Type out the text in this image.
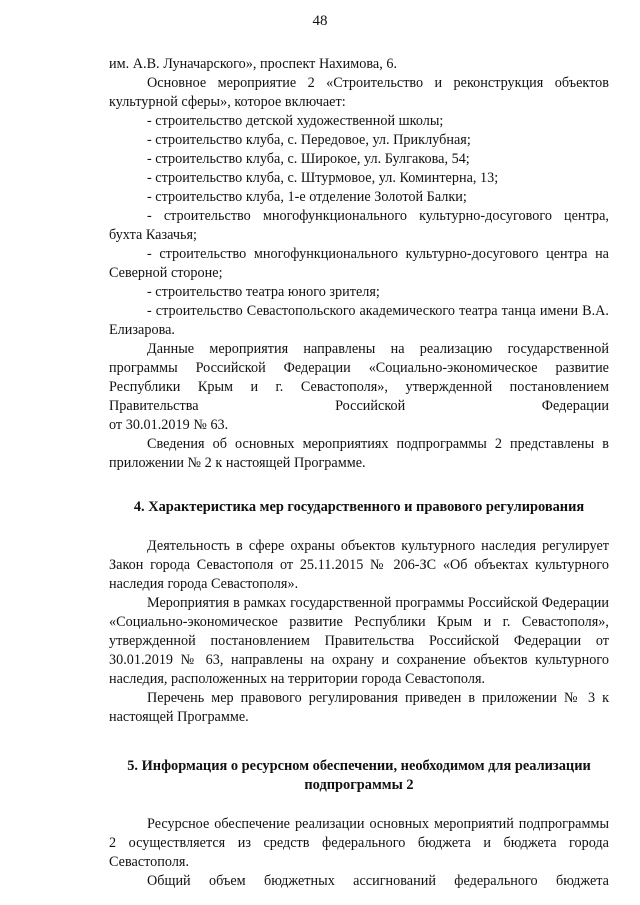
48

им. А.В. Луначарского», проспект Нахимова, 6.

Основное мероприятие 2 «Строительство и реконструкция объектов культурной сферы», которое включает:

- строительство детской художественной школы;

- строительство клуба, с. Передовое, ул. Приклубная;

- строительство клуба, с. Широкое, ул. Булгакова, 54;

- строительство клуба, с. Штурмовое, ул. Коминтерна, 13;

- строительство клуба, 1-е отделение Золотой Балки;

- строительство многофункционального культурно-досугового центра, бухта Казачья;

- строительство многофункционального культурно-досугового центра на Северной стороне;

- строительство театра юного зрителя;

- строительство Севастопольского академического театра танца имени В.А. Елизарова.

Данные мероприятия направлены на реализацию государственной программы Российской Федерации «Социально-экономическое развитие Республики Крым и г. Севастополя», утвержденной постановлением Правительства Российской Федерации

от 30.01.2019 № 63.

Сведения об основных мероприятиях подпрограммы 2 представлены в приложении № 2 к настоящей Программе.

4. Характеристика мер государственного и правового регулирования

Деятельность в сфере охраны объектов культурного наследия регулирует Закон города Севастополя от 25.11.2015 № 206-ЗС «Об объектах культурного наследия города Севастополя».

Мероприятия в рамках государственной программы Российской Федерации «Социально-экономическое развитие Республики Крым и г. Севастополя», утвержденной постановлением Правительства Российской Федерации от 30.01.2019 № 63, направлены на охрану и сохранение объектов культурного наследия, расположенных на территории города Севастополя.

Перечень мер правового регулирования приведен в приложении № 3 к настоящей Программе.

5. Информация о ресурсном обеспечении, необходимом для реализации

подпрограммы 2

Ресурсное обеспечение реализации основных мероприятий подпрограммы 2 осуществляется из средств федерального бюджета и бюджета города Севастополя.

Общий объем бюджетных ассигнований федерального бюджета
